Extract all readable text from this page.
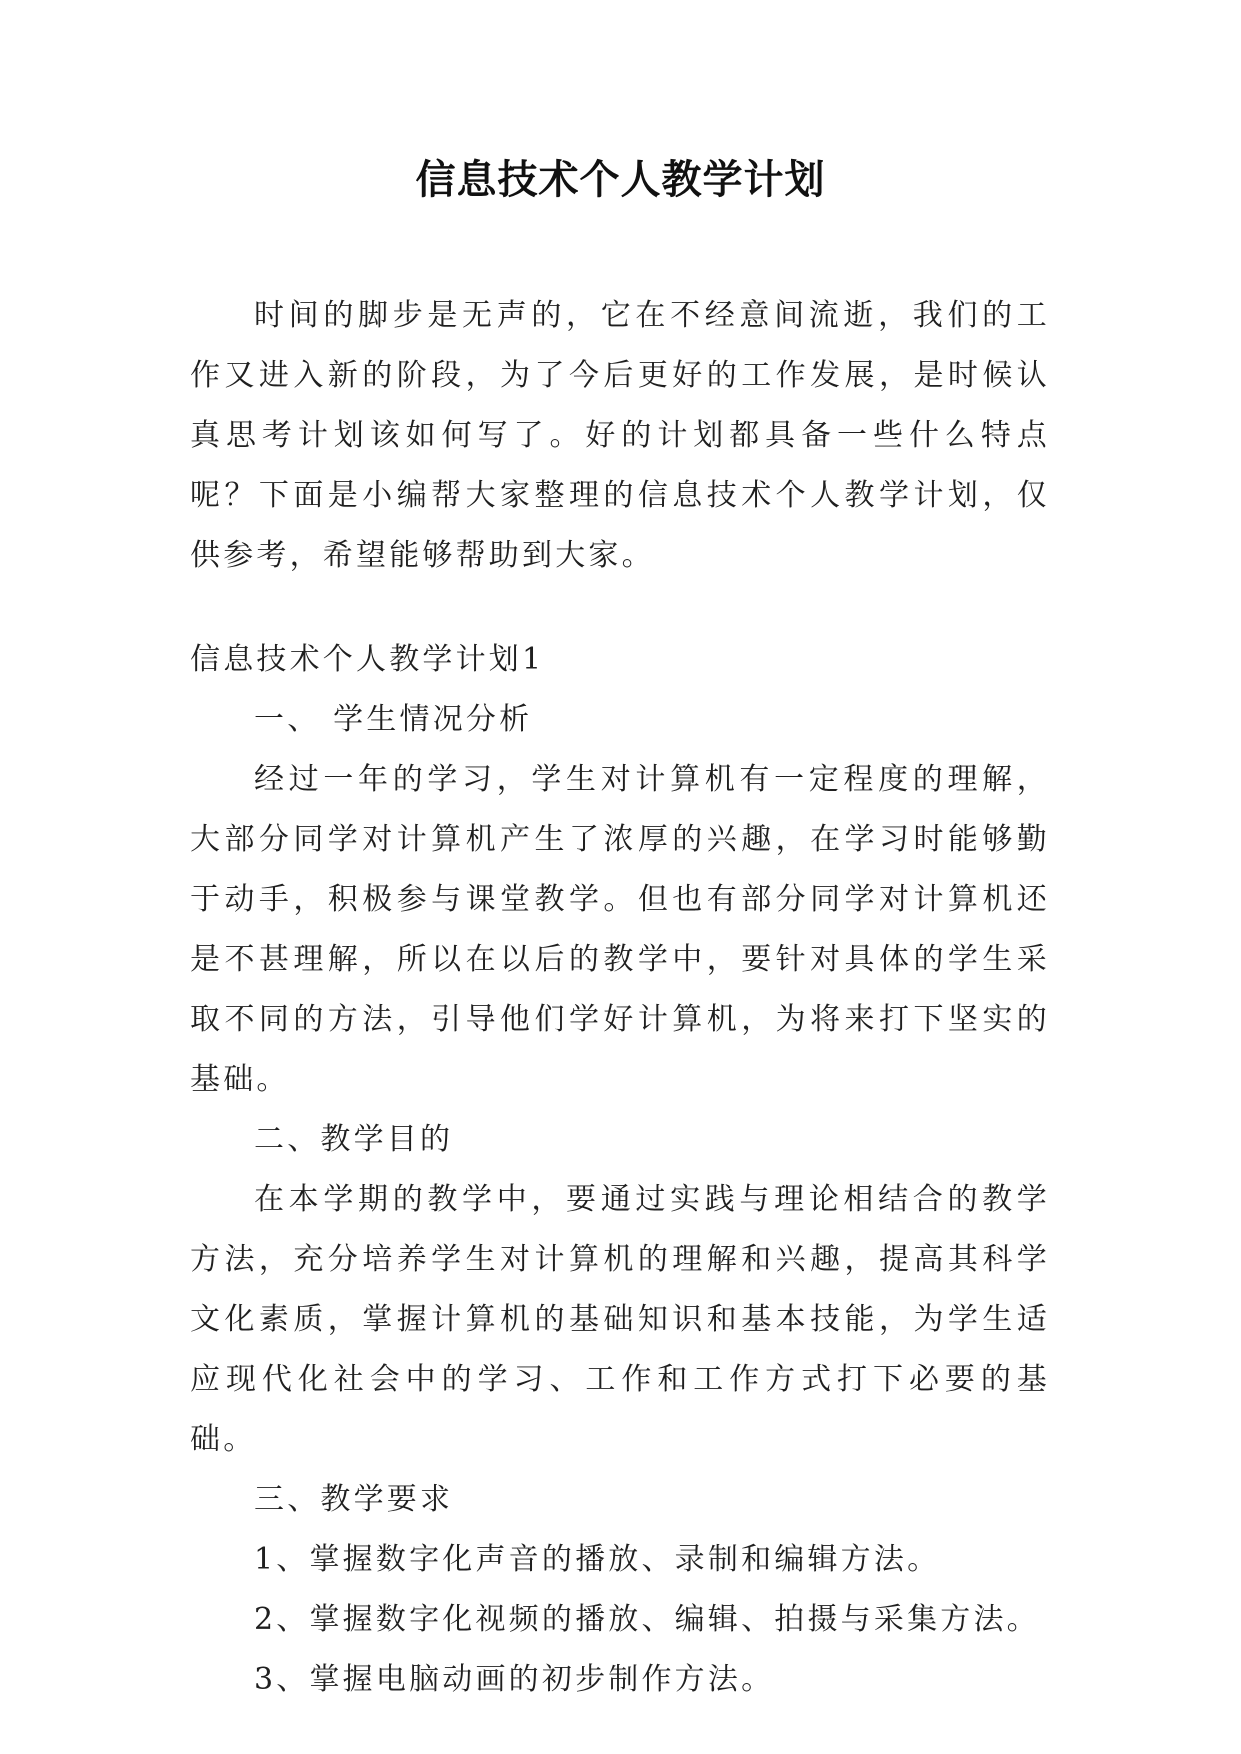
信息技术个人教学计划

时间的脚步是无声的，它在不经意间流逝，我们的工作又进入新的阶段，为了今后更好的工作发展，是时候认真思考计划该如何写了。好的计划都具备一些什么特点呢？下面是小编帮大家整理的信息技术个人教学计划，仅供参考，希望能够帮助到大家。

信息技术个人教学计划1

一、 学生情况分析

经过一年的学习，学生对计算机有一定程度的理解，大部分同学对计算机产生了浓厚的兴趣，在学习时能够勤于动手，积极参与课堂教学。但也有部分同学对计算机还是不甚理解，所以在以后的教学中，要针对具体的学生采取不同的方法，引导他们学好计算机，为将来打下坚实的基础。

二、教学目的

在本学期的教学中，要通过实践与理论相结合的教学方法，充分培养学生对计算机的理解和兴趣，提高其科学文化素质，掌握计算机的基础知识和基本技能，为学生适应现代化社会中的学习、工作和工作方式打下必要的基础。

三、教学要求

1、掌握数字化声音的播放、录制和编辑方法。

2、掌握数字化视频的播放、编辑、拍摄与采集方法。

3、掌握电脑动画的初步制作方法。
